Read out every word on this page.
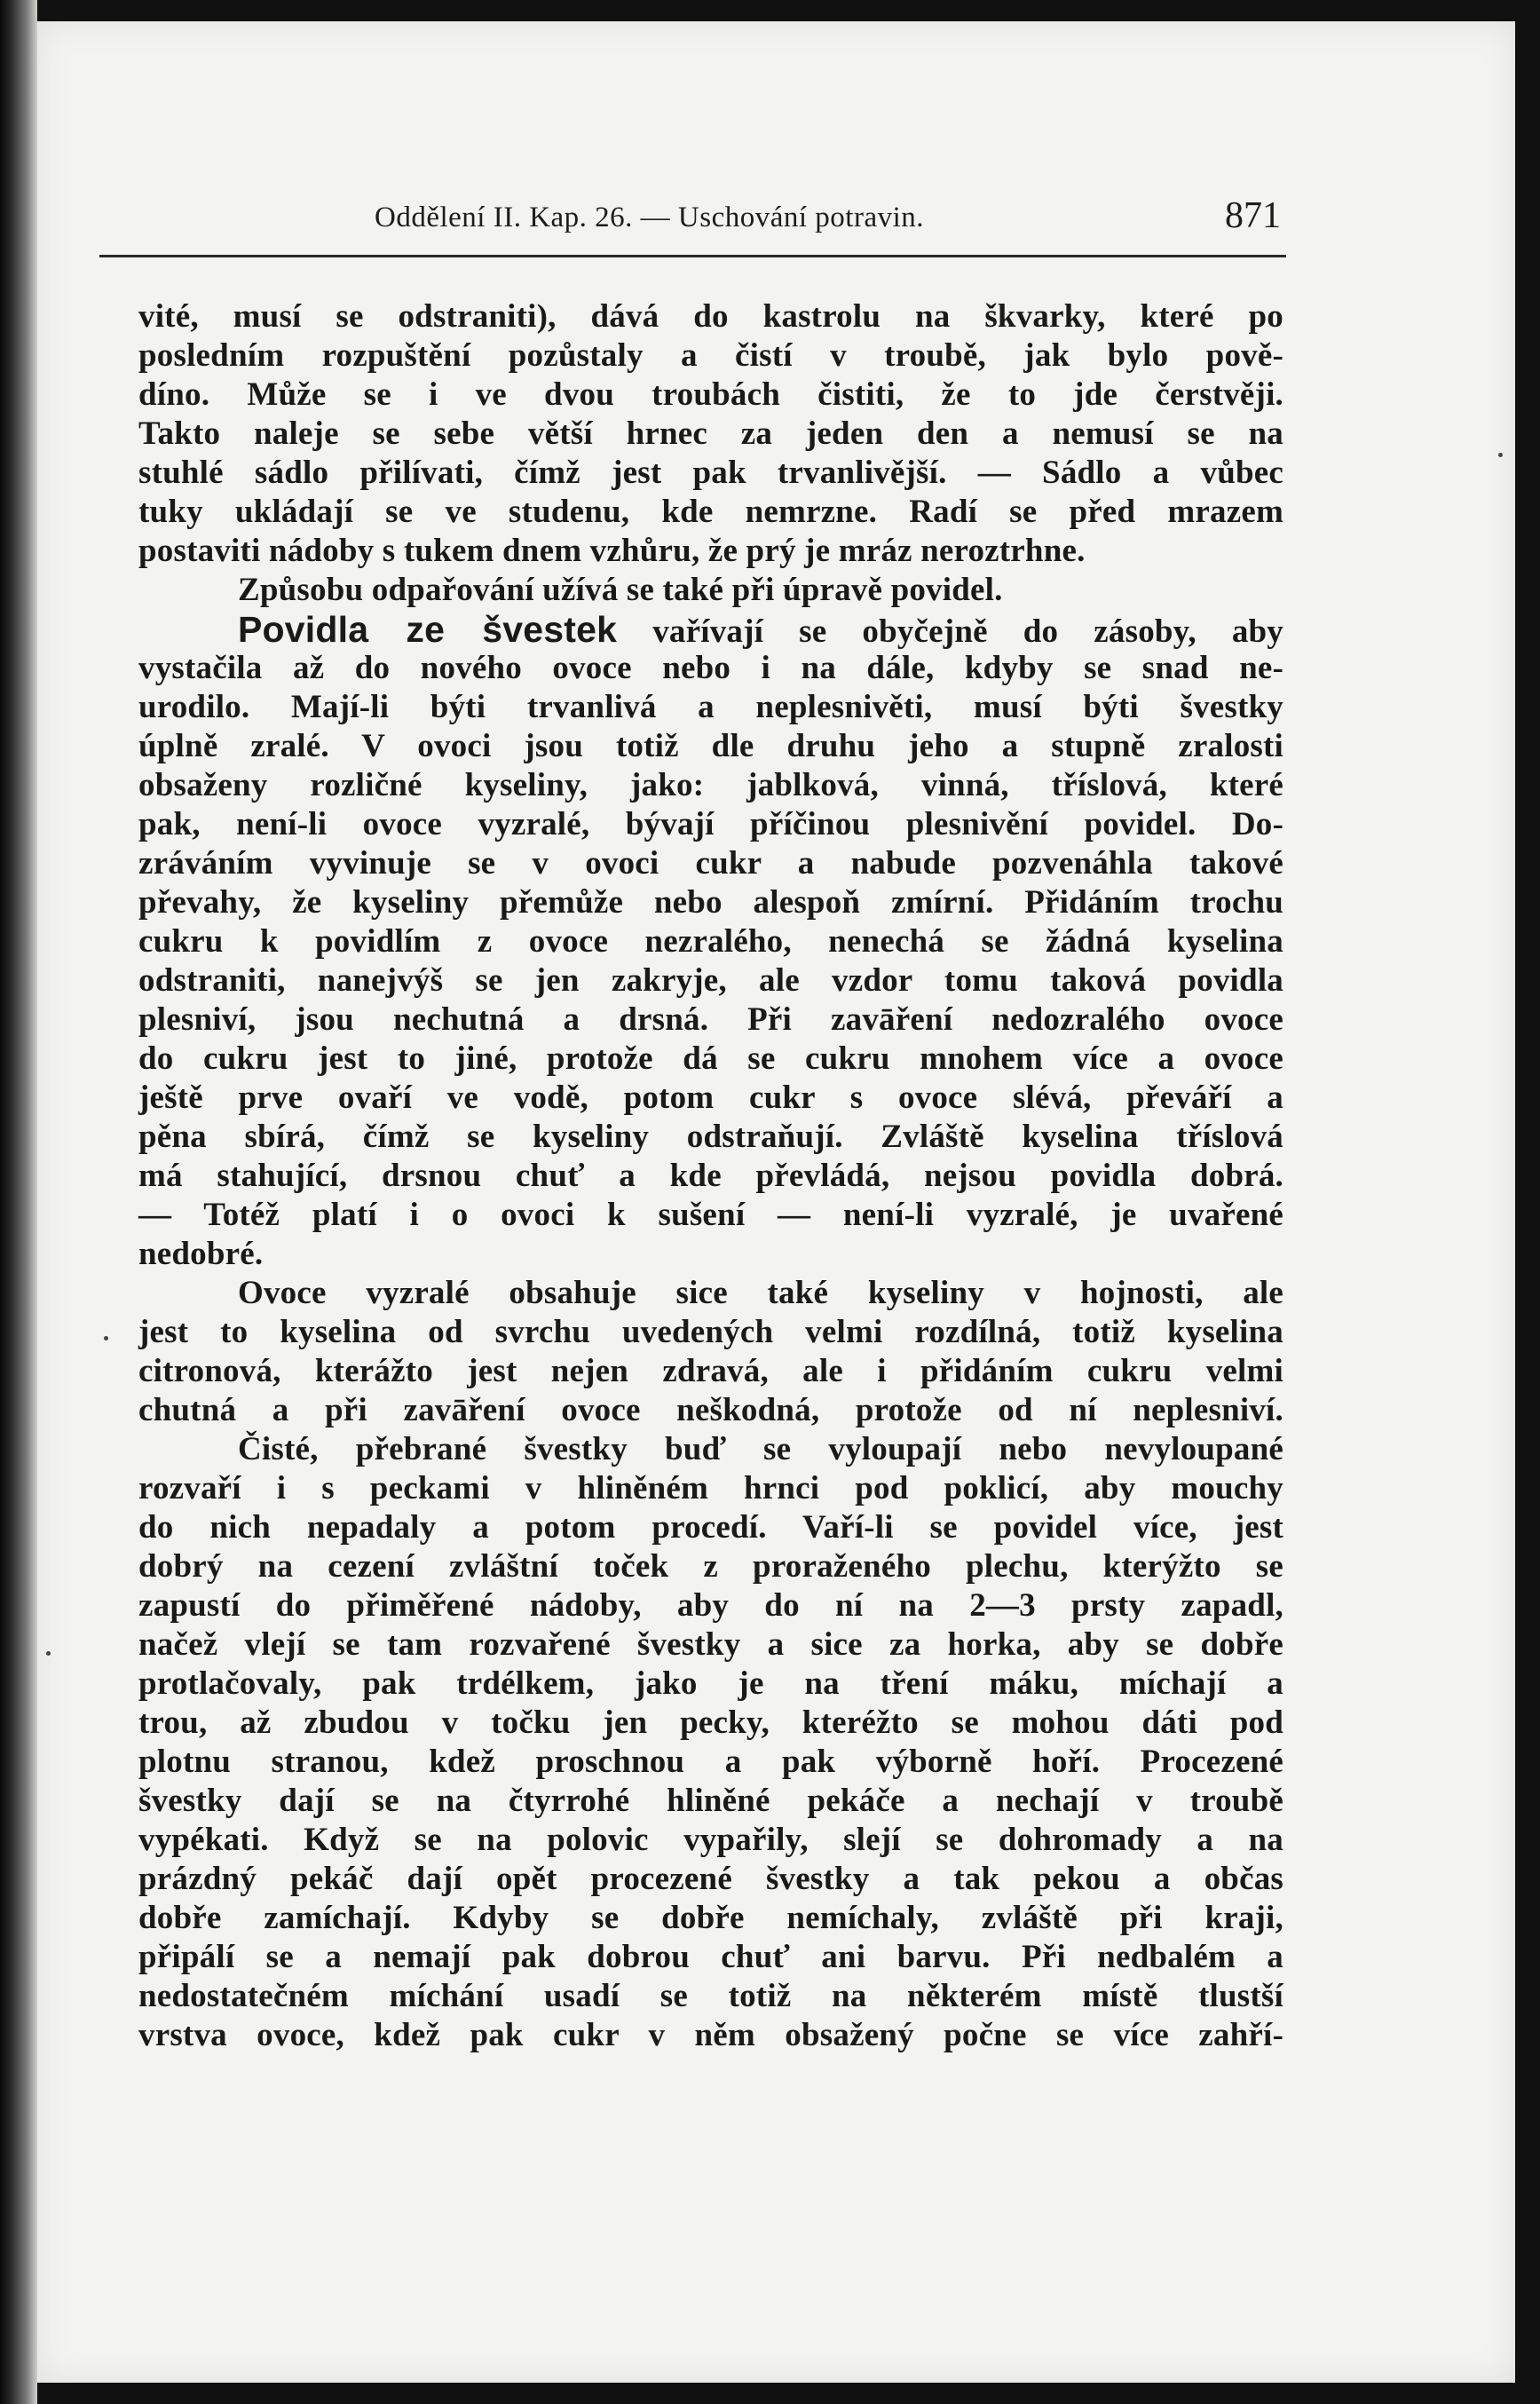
Oddělení II. Kap. 26. — Uschování potravin.	871
vité, musí se odstraniti), dává do kastrolu na škvarky, které po
posledním rozpuštění pozůstaly a čistí v troubě, jak bylo pově-
díno. Může se i ve dvou troubách čistiti, že to jde čerstvěji.
Takto naleje se sebe větší hrnec za jeden den a nemusí se na
stuhlé sádlo přilívati, čímž jest pak trvanlivější. — Sádlo a vůbec
tuky ukládají se ve studenu, kde nemrzne. Radí se před mrazem
postaviti nádoby s tukem dnem vzhůru, že prý je mráz neroztrhne.
Způsobu odpařování užívá se také při úpravě povidel.
Povidla ze švestek vařívají se obyčejně do zásoby, aby
vystačila až do nového ovoce nebo i na dále, kdyby se snad ne-
urodilo. Mají-li býti trvanlivá a neplesnivěti, musí býti švestky
úplně zralé. V ovoci jsou totiž dle druhu jeho a stupně zralosti
obsaženy rozličné kyseliny, jako: jablková, vinná, tříslová, které
pak, není-li ovoce vyzralé, bývají příčinou plesnivění povidel. Do-
zráváním vyvinuje se v ovoci cukr a nabude pozvenáhla takové
převahy, že kyseliny přemůže nebo alespoň zmírní. Přidáním trochu
cukru k povidlím z ovoce nezralého, nenechá se žádná kyselina
odstraniti, nanejvýš se jen zakryje, ale vzdor tomu taková povidla
plesniví, jsou nechutná a drsná. Při zavāření nedozralého ovoce
do cukru jest to jiné, protože dá se cukru mnohem více a ovoce
ještě prve ovaří ve vodě, potom cukr s ovoce slévá, převáří a
pěna sbírá, čímž se kyseliny odstraňují. Zvláště kyselina tříslová
má stahující, drsnou chuť a kde převládá, nejsou povidla dobrá.
— Totéž platí i o ovoci k sušení — není-li vyzralé, je uvařené
nedobré.
Ovoce vyzralé obsahuje sice také kyseliny v hojnosti, ale
jest to kyselina od svrchu uvedených velmi rozdílná, totiž kyselina
citronová, kterážto jest nejen zdravá, ale i přidáním cukru velmi
chutná a při zavāření ovoce neškodná, protože od ní neplesniví.
Čisté, přebrané švestky buď se vyloupají nebo nevyloupané
rozvaří i s peckami v hliněném hrnci pod poklicí, aby mouchy
do nich nepadaly a potom procedí. Vaří-li se povidel více, jest
dobrý na cezení zvláštní toček z proraženého plechu, kterýžto se
zapustí do přiměřené nádoby, aby do ní na 2—3 prsty zapadl,
načež vlejí se tam rozvařené švestky a sice za horka, aby se dobře
protlačovaly, pak trdélkem, jako je na tření máku, míchají a
trou, až zbudou v točku jen pecky, kteréžto se mohou dáti pod
plotnu stranou, kdež proschnou a pak výborně hoří. Procezené
švestky dají se na čtyrrohé hliněné pekáče a nechají v troubě
vypékati. Když se na polovic vypařily, slejí se dohromady a na
prázdný pekáč dají opět procezené švestky a tak pekou a občas
dobře zamíchají. Kdyby se dobře nemíchaly, zvláště při kraji,
připálí se a nemají pak dobrou chuť ani barvu. Při nedbalém a
nedostatečném míchání usadí se totiž na některém místě tlustší
vrstva ovoce, kdež pak cukr v něm obsažený počne se více zahří-
